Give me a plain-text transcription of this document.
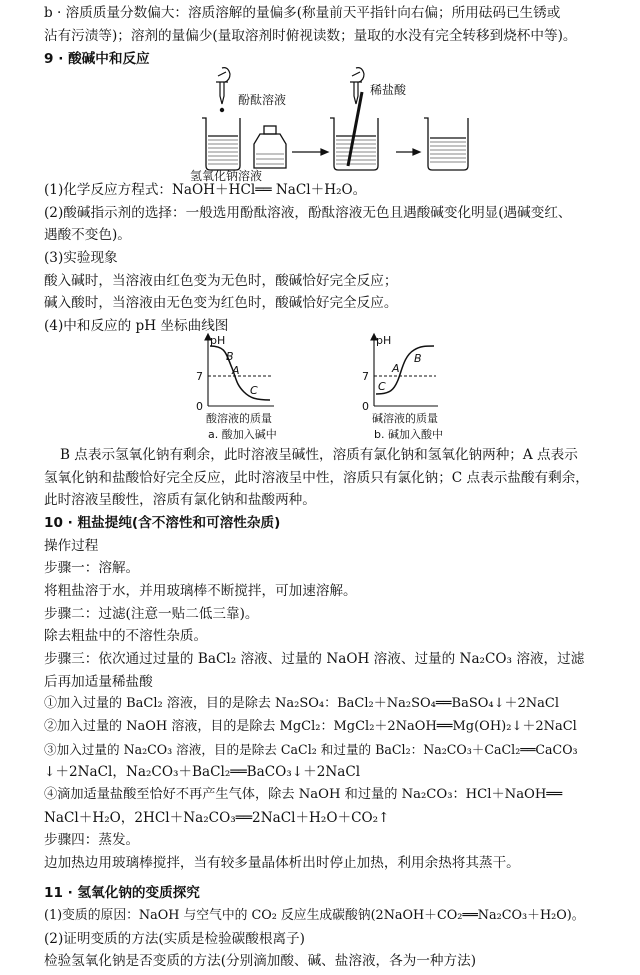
b · 溶质质量分数偏大：溶质溶解的量偏多(称量前天平指针向右偏；所用砝码已生锈或
沾有污渍等)；溶剂的量偏少(量取溶剂时俯视读数；量取的水没有完全转移到烧杯中等)。
9 · 酸碱中和反应
酚酞溶液
稀盐酸
氢氧化钠溶液
(1)化学反应方程式：NaOH＋HCl══ NaCl＋H₂O。
(2)酸碱指示剂的选择：一般选用酚酞溶液，酚酞溶液无色且遇酸碱变化明显(遇碱变红、
遇酸不变色)。
(3)实验现象
酸入碱时，当溶液由红色变为无色时，酸碱恰好完全反应；
碱入酸时，当溶液由无色变为红色时，酸碱恰好完全反应。
(4)中和反应的 pH 坐标曲线图
pH
7
0
B
A
C
酸溶液的质量
a. 酸加入碱中
pH
7
0
B
A
C
碱溶液的质量
b. 碱加入酸中
B 点表示氢氧化钠有剩余，此时溶液呈碱性，溶质有氯化钠和氢氧化钠两种；A 点表示
氢氧化钠和盐酸恰好完全反应，此时溶液呈中性，溶质只有氯化钠；C 点表示盐酸有剩余，
此时溶液呈酸性，溶质有氯化钠和盐酸两种。
10 · 粗盐提纯(含不溶性和可溶性杂质)
操作过程
步骤一：溶解。
将粗盐溶于水，并用玻璃棒不断搅拌，可加速溶解。
步骤二：过滤(注意一贴二低三靠)。
除去粗盐中的不溶性杂质。
步骤三：依次通过过量的 BaCl₂ 溶液、过量的 NaOH 溶液、过量的 Na₂CO₃ 溶液，过滤
后再加适量稀盐酸
①加入过量的 BaCl₂ 溶液，目的是除去 Na₂SO₄：BaCl₂＋Na₂SO₄══BaSO₄↓＋2NaCl
②加入过量的 NaOH 溶液，目的是除去 MgCl₂：MgCl₂＋2NaOH══Mg(OH)₂↓＋2NaCl
③加入过量的 Na₂CO₃ 溶液，目的是除去 CaCl₂ 和过量的 BaCl₂：Na₂CO₃＋CaCl₂══CaCO₃
↓＋2NaCl，Na₂CO₃＋BaCl₂══BaCO₃↓＋2NaCl
④滴加适量盐酸至恰好不再产生气体，除去 NaOH 和过量的 Na₂CO₃：HCl＋NaOH══
NaCl＋H₂O，2HCl＋Na₂CO₃══2NaCl＋H₂O＋CO₂↑
步骤四：蒸发。
边加热边用玻璃棒搅拌，当有较多量晶体析出时停止加热，利用余热将其蒸干。
11 · 氢氧化钠的变质探究
(1)变质的原因：NaOH 与空气中的 CO₂ 反应生成碳酸钠(2NaOH＋CO₂══Na₂CO₃＋H₂O)。
(2)证明变质的方法(实质是检验碳酸根离子)
检验氢氧化钠是否变质的方法(分别滴加酸、碱、盐溶液，各为一种方法)
